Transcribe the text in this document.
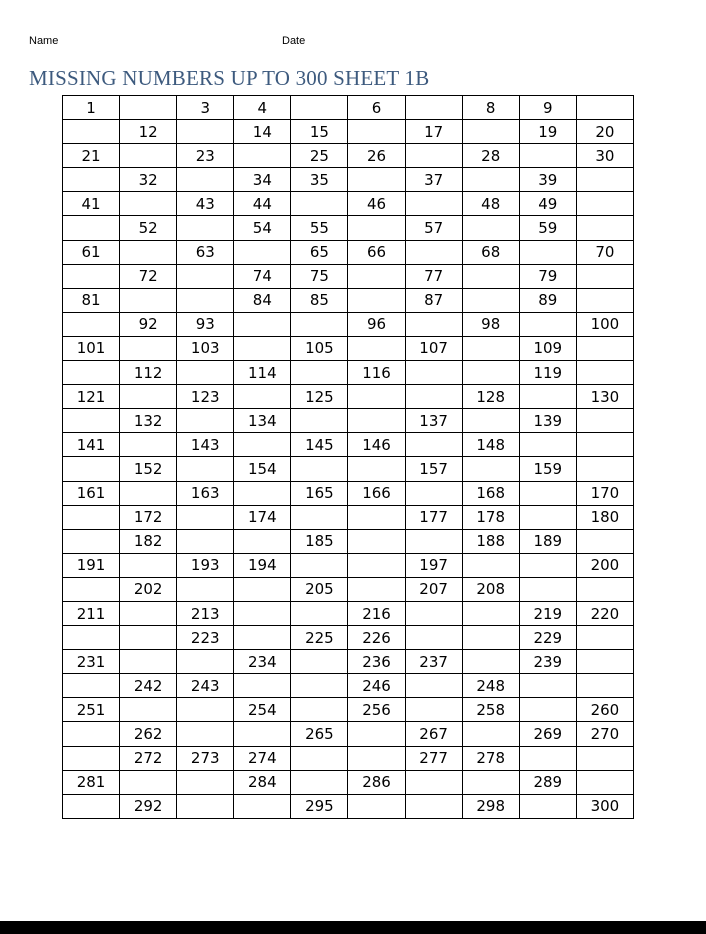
Name	Date
MISSING NUMBERS UP TO 300 SHEET 1B
1		3	4		6		8	9	
	12		14	15		17		19	20
21		23		25	26		28		30
	32		34	35		37		39	
41		43	44		46		48	49	
	52		54	55		57		59	
61		63		65	66		68		70
	72		74	75		77		79	
81			84	85		87		89	
	92	93			96		98		100
101		103		105		107		109	
	112		114		116			119	
121		123		125			128		130
	132		134			137		139	
141		143		145	146		148		
	152		154			157		159	
161		163		165	166		168		170
	172		174			177	178		180
	182			185			188	189	
191		193	194			197			200
	202			205		207	208		
211		213			216			219	220
		223		225	226			229	
231			234		236	237		239	
	242	243			246		248		
251			254		256		258		260
	262			265		267		269	270
	272	273	274			277	278		
281			284		286			289	
	292			295			298		300
